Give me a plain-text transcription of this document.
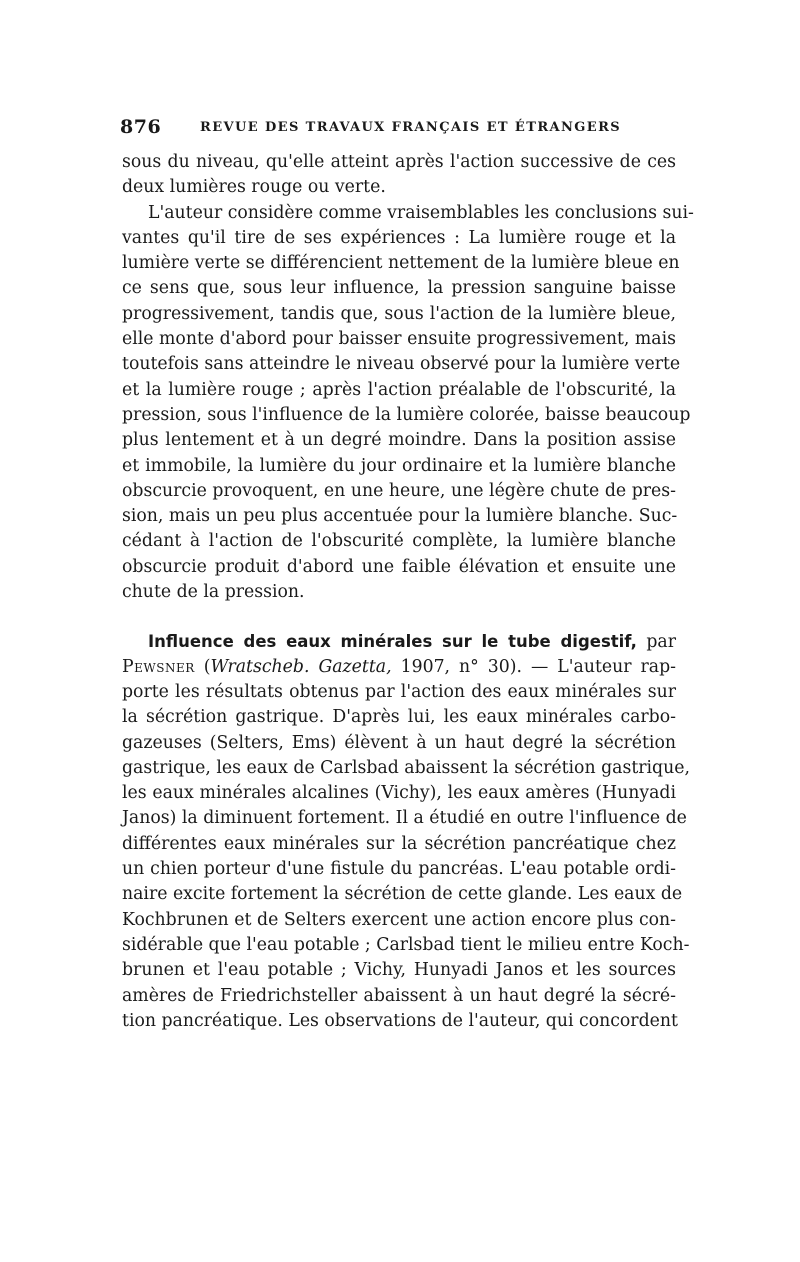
876	REVUE DES TRAVAUX FRANÇAIS ET ÉTRANGERS
sous du niveau, qu'elle atteint après l'action successive de ces
deux lumières rouge ou verte.
L'auteur considère comme vraisemblables les conclusions sui-
vantes qu'il tire de ses expériences : La lumière rouge et la
lumière verte se différencient nettement de la lumière bleue en
ce sens que, sous leur influence, la pression sanguine baisse
progressivement, tandis que, sous l'action de la lumière bleue,
elle monte d'abord pour baisser ensuite progressivement, mais
toutefois sans atteindre le niveau observé pour la lumière verte
et la lumière rouge ; après l'action préalable de l'obscurité, la
pression, sous l'influence de la lumière colorée, baisse beaucoup
plus lentement et à un degré moindre. Dans la position assise
et immobile, la lumière du jour ordinaire et la lumière blanche
obscurcie provoquent, en une heure, une légère chute de pres-
sion, mais un peu plus accentuée pour la lumière blanche. Suc-
cédant à l'action de l'obscurité complète, la lumière blanche
obscurcie produit d'abord une faible élévation et ensuite une
chute de la pression.
Influence des eaux minérales sur le tube digestif, par
Pewsner (Wratscheb. Gazetta, 1907, n° 30). — L'auteur rap-
porte les résultats obtenus par l'action des eaux minérales sur
la sécrétion gastrique. D'après lui, les eaux minérales carbo-
gazeuses (Selters, Ems) élèvent à un haut degré la sécrétion
gastrique, les eaux de Carlsbad abaissent la sécrétion gastrique,
les eaux minérales alcalines (Vichy), les eaux amères (Hunyadi
Janos) la diminuent fortement. Il a étudié en outre l'influence de
différentes eaux minérales sur la sécrétion pancréatique chez
un chien porteur d'une fistule du pancréas. L'eau potable ordi-
naire excite fortement la sécrétion de cette glande. Les eaux de
Kochbrunen et de Selters exercent une action encore plus con-
sidérable que l'eau potable ; Carlsbad tient le milieu entre Koch-
brunen et l'eau potable ; Vichy, Hunyadi Janos et les sources
amères de Friedrichsteller abaissent à un haut degré la sécré-
tion pancréatique. Les observations de l'auteur, qui concordent
